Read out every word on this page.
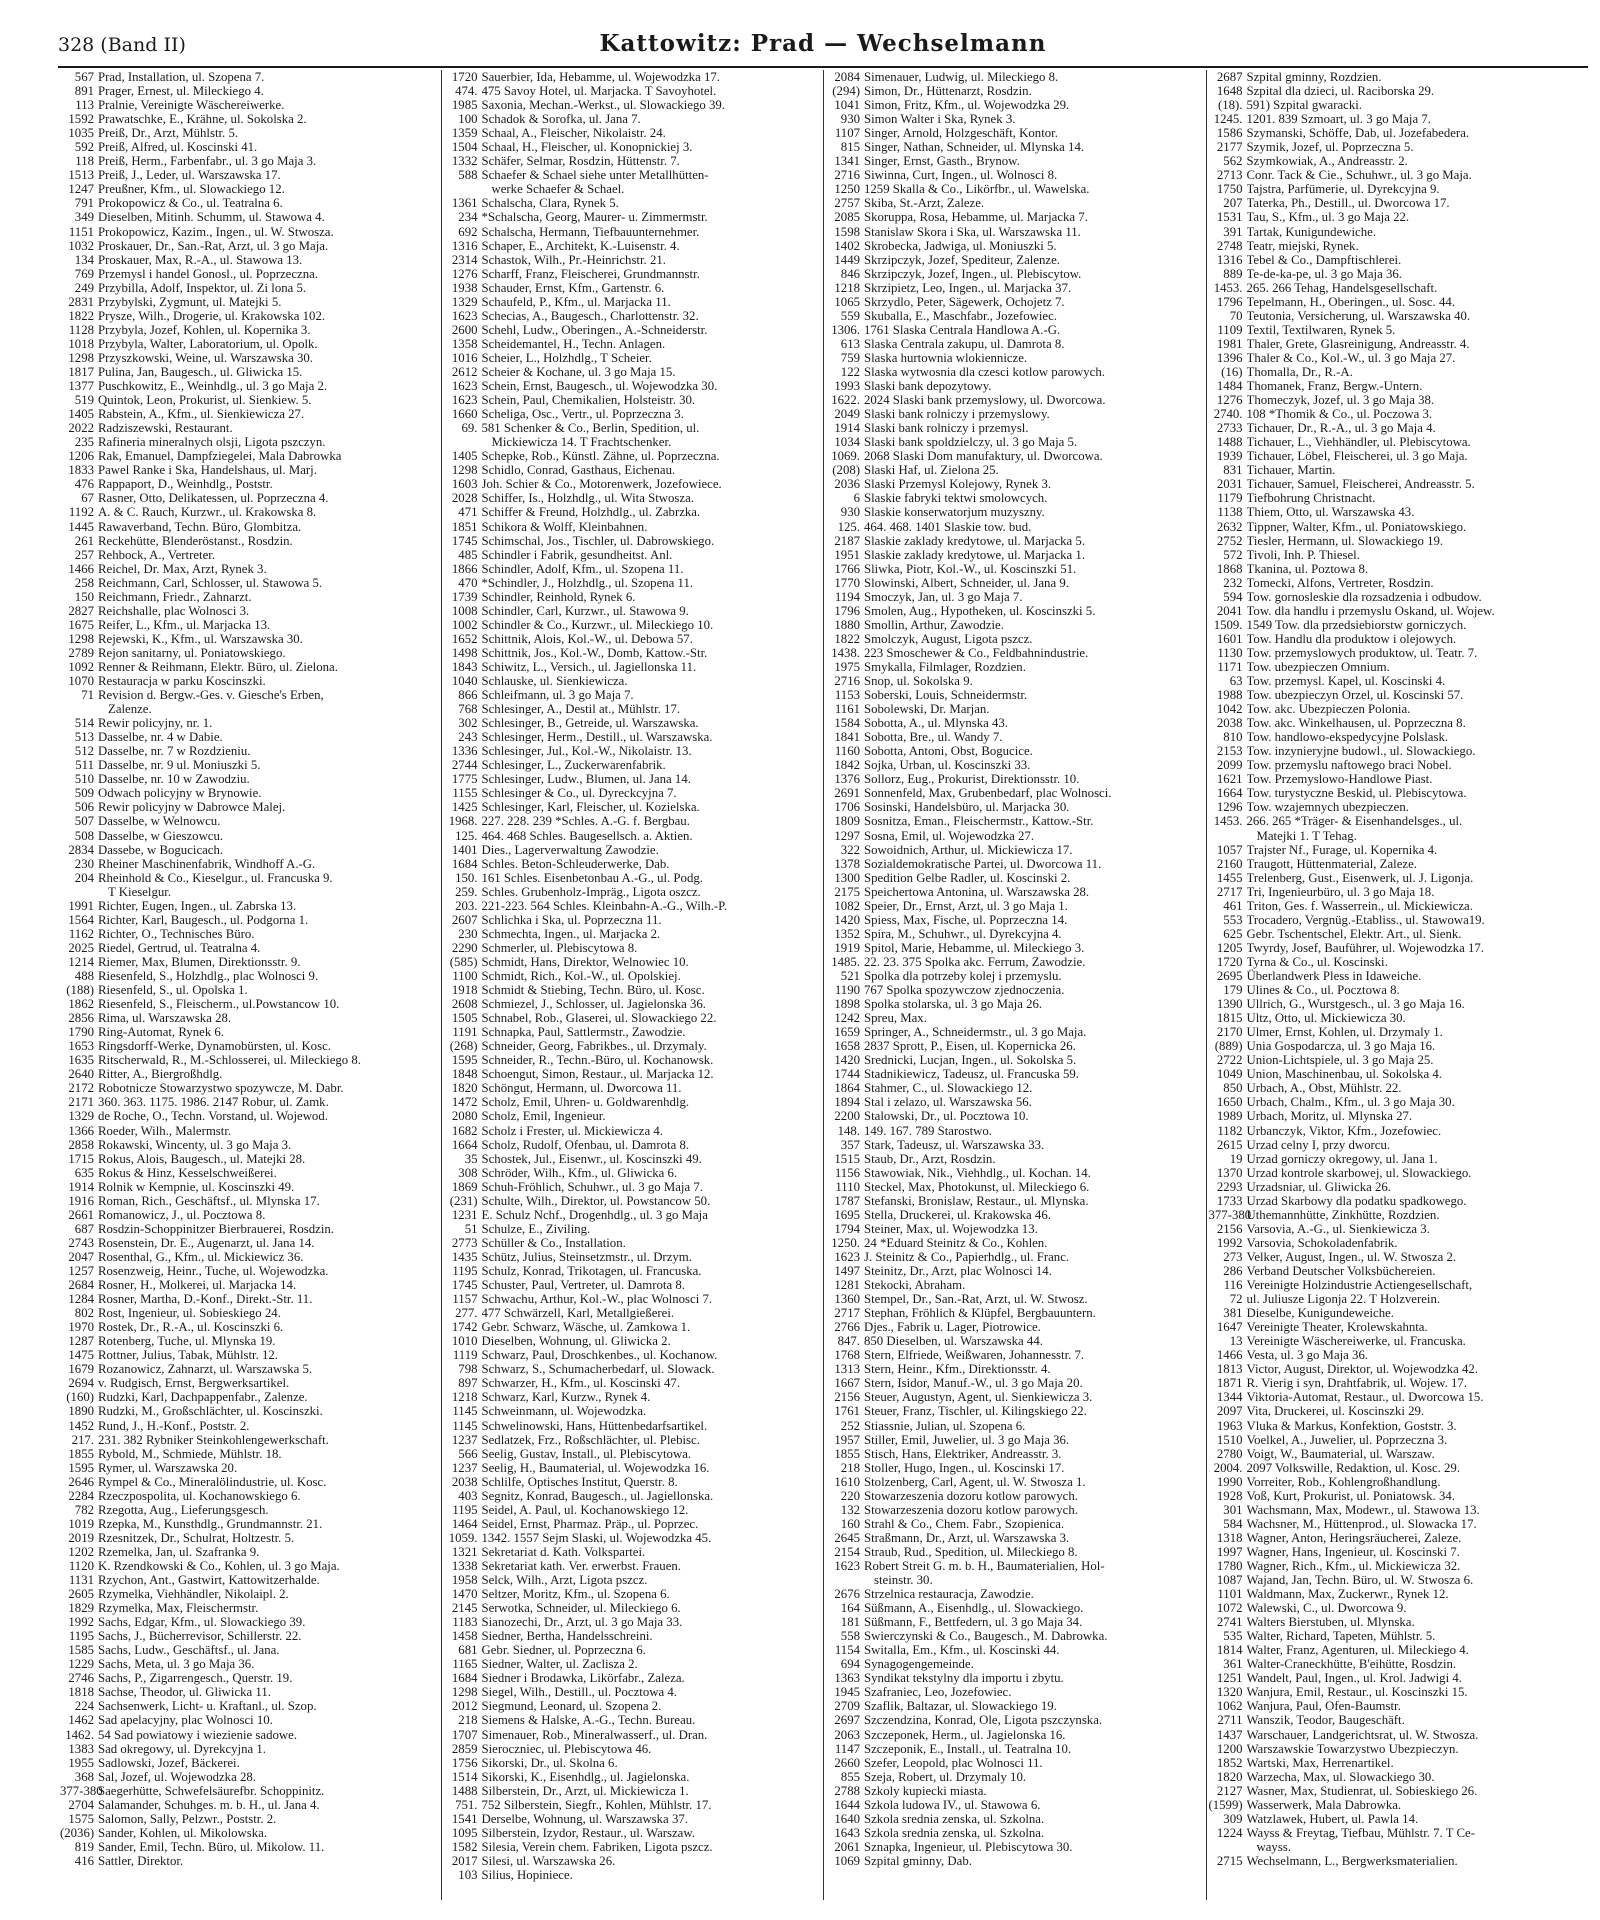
328 (Band II)	Kattowitz: Prad — Wechselmann
567 Prad, Installation, ul. Szopena 7.
891 Prager, Ernest, ul. Mileckiego 4.
113 Pralnie, Vereinigte Wäschereiwerke.
1592 Prawatschke, E., Krähne, ul. Sokolska 2.
1035 Preiß, Dr., Arzt, Mühlstr. 5.
592 Preiß, Alfred, ul. Koscinski 41.
118 Preiß, Herm., Farbenfabr., ul. 3 go Maja 3.
1513 Preiß, J., Leder, ul. Warszawska 17.
1247 Preußner, Kfm., ul. Slowackiego 12.
791 Prokopowicz & Co., ul. Teatralna 6.
349 Dieselben, Mitinh. Schumm, ul. Stawowa 4.
1151 Prokopowicz, Kazim., Ingen., ul. W. Stwosza.
1032 Proskauer, Dr., San.-Rat, Arzt, ul. 3 go Maja.
134 Proskauer, Max, R.-A., ul. Stawowa 13.
769 Przemysl i handel Gonosl., ul. Poprzeczna.
249 Przybilla, Adolf, Inspektor, ul. Zi lona 5.
2831 Przybylski, Zygmunt, ul. Matejki 5.
1822 Prysze, Wilh., Drogerie, ul. Krakowska 102.
1128 Przybyla, Jozef, Kohlen, ul. Kopernika 3.
1018 Przybyla, Walter, Laboratorium, ul. Opolk.
1298 Przyszkowski, Weine, ul. Warszawska 30.
1817 Pulina, Jan, Baugesch., ul. Gliwicka 15.
1377 Puschkowitz, E., Weinhdlg., ul. 3 go Maja 2.
519 Quintok, Leon, Prokurist, ul. Sienkiew. 5.
1405 Rabstein, A., Kfm., ul. Sienkiewicza 27.
2022 Radziszewski, Restaurant.
235 Rafineria mineralnych olsji, Ligota pszczyn.
1206 Rak, Emanuel, Dampfziegelei, Mala Dabrowka
1833 Pawel Ranke i Ska, Handelshaus, ul. Marj.
476 Rappaport, D., Weinhdlg., Poststr.
67 Rasner, Otto, Delikatessen, ul. Poprzeczna 4.
1192 A. & C. Rauch, Kurzwr., ul. Krakowska 8.
1445 Rawaverband, Techn. Büro, Glombitza.
261 Reckehütte, Blenderöstanst., Rosdzin.
257 Rehbock, A., Vertreter.
1466 Reichel, Dr. Max, Arzt, Rynek 3.
258 Reichmann, Carl, Schlosser, ul. Stawowa 5.
150 Reichmann, Friedr., Zahnarzt.
2827 Reichshalle, plac Wolnosci 3.
1675 Reifer, L., Kfm., ul. Marjacka 13.
1298 Rejewski, K., Kfm., ul. Warszawska 30.
2789 Rejon sanitarny, ul. Poniatowskiego.
1092 Renner & Reihmann, Elektr. Büro, ul. Zielona.
1070 Restauracja w parku Koscinszki.
71 Revision d. Bergw.-Ges. v. Giesche's Erben,
Zalenze.
514 Rewir policyjny, nr. 1.
513 Dasselbe, nr. 4 w Dabie.
512 Dasselbe, nr. 7 w Rozdzieniu.
511 Dasselbe, nr. 9 ul. Moniuszki 5.
510 Dasselbe, nr. 10 w Zawodziu.
509 Odwach policyjny w Brynowie.
506 Rewir policyjny w Dabrowce Malej.
507 Dasselbe, w Welnowcu.
508 Dasselbe, w Gieszowcu.
2834 Dassebe, w Bogucicach.
230 Rheiner Maschinenfabrik, Windhoff A.-G.
204 Rheinhold & Co., Kieselgur., ul. Francuska 9.
T Kieselgur.
1991 Richter, Eugen, Ingen., ul. Zabrska 13.
1564 Richter, Karl, Baugesch., ul. Podgorna 1.
1162 Richter, O., Technisches Büro.
2025 Riedel, Gertrud, ul. Teatralna 4.
1214 Riemer, Max, Blumen, Direktionsstr. 9.
488 Riesenfeld, S., Holzhdlg., plac Wolnosci 9.
(188) Riesenfeld, S., ul. Opolska 1.
1862 Riesenfeld, S., Fleischerm., ul.Powstancow 10.
2856 Rima, ul. Warszawska 28.
1790 Ring-Automat, Rynek 6.
1653 Ringsdorff-Werke, Dynamobürsten, ul. Kosc.
1635 Ritscherwald, R., M.-Schlosserei, ul. Mileckiego 8.
2640 Ritter, A., Biergroßhdlg.
2172 Robotnicze Stowarzystwo spozywcze, M. Dabr.
2171 360. 363. 1175. 1986. 2147 Robur, ul. Zamk.
1329 de Roche, O., Techn. Vorstand, ul. Wojewod.
1366 Roeder, Wilh., Malermstr.
2858 Rokawski, Wincenty, ul. 3 go Maja 3.
1715 Rokus, Alois, Baugesch., ul. Matejki 28.
635 Rokus & Hinz, Kesselschweißerei.
1914 Rolnik w Kempnie, ul. Koscinszki 49.
1916 Roman, Rich., Geschäftsf., ul. Mlynska 17.
2661 Romanowicz, J., ul. Pocztowa 8.
687 Rosdzin-Schoppinitzer Bierbrauerei, Rosdzin.
2743 Rosenstein, Dr. E., Augenarzt, ul. Jana 14.
2047 Rosenthal, G., Kfm., ul. Mickiewicz 36.
1257 Rosenzweig, Heinr., Tuche, ul. Wojewodzka.
2684 Rosner, H., Molkerei, ul. Marjacka 14.
1284 Rosner, Martha, D.-Konf., Direkt.-Str. 11.
802 Rost, Ingenieur, ul. Sobieskiego 24.
1970 Rostek, Dr., R.-A., ul. Koscinszki 6.
1287 Rotenberg, Tuche, ul. Mlynska 19.
1475 Rottner, Julius, Tabak, Mühlstr. 12.
1679 Rozanowicz, Zahnarzt, ul. Warszawska 5.
2694 v. Rudgisch, Ernst, Bergwerksartikel.
(160) Rudzki, Karl, Dachpappenfabr., Zalenze.
1890 Rudzki, M., Großschlächter, ul. Koscinszki.
1452 Rund, J., H.-Konf., Poststr. 2.
217. 231. 382 Rybniker Steinkohlengewerkschaft.
1855 Rybold, M., Schmiede, Mühlstr. 18.
1595 Rymer, ul. Warszawska 20.
2646 Rympel & Co., Mineralölindustrie, ul. Kosc.
2284 Rzeczpospolita, ul. Kochanowskiego 6.
782 Rzegotta, Aug., Lieferungsgesch.
1019 Rzepka, M., Kunsthdlg., Grundmannstr. 21.
2019 Rzesnitzek, Dr., Schulrat, Holtzestr. 5.
1202 Rzemelka, Jan, ul. Szafranka 9.
1120 K. Rzendkowski & Co., Kohlen, ul. 3 go Maja.
1131 Rzychon, Ant., Gastwirt, Kattowitzerhalde.
2605 Rzymelka, Viehhändler, Nikolaipl. 2.
1829 Rzymelka, Max, Fleischermstr.
1992 Sachs, Edgar, Kfm., ul. Slowackiego 39.
1195 Sachs, J., Bücherrevisor, Schillerstr. 22.
1585 Sachs, Ludw., Geschäftsf., ul. Jana.
1229 Sachs, Meta, ul. 3 go Maja 36.
2746 Sachs, P., Zigarrengesch., Querstr. 19.
1818 Sachse, Theodor, ul. Gliwicka 11.
224 Sachsenwerk, Licht- u. Kraftanl., ul. Szop.
1462 Sad apelacyjny, plac Wolnosci 10.
1462. 54 Sad powiatowy i wiezienie sadowe.
1383 Sad okregowy, ul. Dyrekcyjna 1.
1955 Sadlowski, Jozef, Bäckerei.
368 Sal, Jozef, ul. Wojewodzka 28.
377-380
Saegerhütte, Schwefelsäurefbr. Schoppinitz.
2704 Salamander, Schuhges. m. b. H., ul. Jana 4.
1575 Salomon, Sally, Pelzwr., Poststr. 2.
(2036) Sander, Kohlen, ul. Mikolowska.
819 Sander, Emil, Techn. Büro, ul. Mikolow. 11.
416 Sattler, Direktor.
1720 Sauerbier, Ida, Hebamme, ul. Wojewodzka 17.
474. 475 Savoy Hotel, ul. Marjacka. T Savoyhotel.
1985 Saxonia, Mechan.-Werkst., ul. Slowackiego 39.
100 Schadok & Sorofka, ul. Jana 7.
1359 Schaal, A., Fleischer, Nikolaistr. 24.
1504 Schaal, H., Fleischer, ul. Konopnickiej 3.
1332 Schäfer, Selmar, Rosdzin, Hüttenstr. 7.
588 Schaefer & Schael siehe unter Metallhütten-
werke Schaefer & Schael.
1361 Schalscha, Clara, Rynek 5.
234 *Schalscha, Georg, Maurer- u. Zimmermstr.
692 Schalscha, Hermann, Tiefbauunternehmer.
1316 Schaper, E., Architekt, K.-Luisenstr. 4.
2314 Schastok, Wilh., Pr.-Heinrichstr. 21.
1276 Scharff, Franz, Fleischerei, Grundmannstr.
1938 Schauder, Ernst, Kfm., Gartenstr. 6.
1329 Schaufeld, P., Kfm., ul. Marjacka 11.
1623 Schecias, A., Baugesch., Charlottenstr. 32.
2600 Schehl, Ludw., Oberingen., A.-Schneiderstr.
1358 Scheidemantel, H., Techn. Anlagen.
1016 Scheier, L., Holzhdlg., T Scheier.
2612 Scheier & Kochane, ul. 3 go Maja 15.
1623 Schein, Ernst, Baugesch., ul. Wojewodzka 30.
1623 Schein, Paul, Chemikalien, Holsteistr. 30.
1660 Scheliga, Osc., Vertr., ul. Poprzeczna 3.
69. 581 Schenker & Co., Berlin, Spedition, ul.
Mickiewicza 14. T Frachtschenker.
1405 Schepke, Rob., Künstl. Zähne, ul. Poprzeczna.
1298 Schidlo, Conrad, Gasthaus, Eichenau.
1603 Joh. Schier & Co., Motorenwerk, Jozefowiece.
2028 Schiffer, Is., Holzhdlg., ul. Wita Stwosza.
471 Schiffer & Freund, Holzhdlg., ul. Zabrzka.
1851 Schikora & Wolff, Kleinbahnen.
1745 Schimschal, Jos., Tischler, ul. Dabrowskiego.
485 Schindler i Fabrik, gesundheitst. Anl.
1866 Schindler, Adolf, Kfm., ul. Szopena 11.
470 *Schindler, J., Holzhdlg., ul. Szopena 11.
1739 Schindler, Reinhold, Rynek 6.
1008 Schindler, Carl, Kurzwr., ul. Stawowa 9.
1002 Schindler & Co., Kurzwr., ul. Mileckiego 10.
1652 Schittnik, Alois, Kol.-W., ul. Debowa 57.
1498 Schittnik, Jos., Kol.-W., Domb, Kattow.-Str.
1843 Schiwitz, L., Versich., ul. Jagiellonska 11.
1040 Schlauske, ul. Sienkiewicza.
866 Schleifmann, ul. 3 go Maja 7.
768 Schlesinger, A., Destil at., Mühlstr. 17.
302 Schlesinger, B., Getreide, ul. Warszawska.
243 Schlesinger, Herm., Destill., ul. Warszawska.
1336 Schlesinger, Jul., Kol.-W., Nikolaistr. 13.
2744 Schlesinger, L., Zuckerwarenfabrik.
1775 Schlesinger, Ludw., Blumen, ul. Jana 14.
1155 Schlesinger & Co., ul. Dyreckcyjna 7.
1425 Schlesinger, Karl, Fleischer, ul. Kozielska.
1968. 227. 228. 239 *Schles. A.-G. f. Bergbau.
125. 464. 468 Schles. Baugesellsch. a. Aktien.
1401 Dies., Lagerverwaltung Zawodzie.
1684 Schles. Beton-Schleuderwerke, Dab.
150. 161 Schles. Eisenbetonbau A.-G., ul. Podg.
259. Schles. Grubenholz-Impräg., Ligota oszcz.
203. 221-223. 564 Schles. Kleinbahn-A.-G., Wilh.-P.
2607 Schlichka i Ska, ul. Poprzeczna 11.
230 Schmechta, Ingen., ul. Marjacka 2.
2290 Schmerler, ul. Plebiscytowa 8.
(585) Schmidt, Hans, Direktor, Welnowiec 10.
1100 Schmidt, Rich., Kol.-W., ul. Opolskiej.
1918 Schmidt & Stiebing, Techn. Büro, ul. Kosc.
2608 Schmiezel, J., Schlosser, ul. Jagielonska 36.
1505 Schnabel, Rob., Glaserei, ul. Slowackiego 22.
1191 Schnapka, Paul, Sattlermstr., Zawodzie.
(268) Schneider, Georg, Fabrikbes., ul. Drzymaly.
1595 Schneider, R., Techn.-Büro, ul. Kochanowsk.
1848 Schoengut, Simon, Restaur., ul. Marjacka 12.
1820 Schöngut, Hermann, ul. Dworcowa 11.
1472 Scholz, Emil, Uhren- u. Goldwarenhdlg.
2080 Scholz, Emil, Ingenieur.
1682 Scholz i Frester, ul. Mickiewicza 4.
1664 Scholz, Rudolf, Ofenbau, ul. Damrota 8.
35 Schostek, Jul., Eisenwr., ul. Koscinszki 49.
308 Schröder, Wilh., Kfm., ul. Gliwicka 6.
1869 Schuh-Fröhlich, Schuhwr., ul. 3 go Maja 7.
(231) Schulte, Wilh., Direktor, ul. Powstancow 50.
1231 E. Schulz Nchf., Drogenhdlg., ul. 3 go Maja
51 Schulze, E., Ziviling.
2773 Schüller & Co., Installation.
1435 Schütz, Julius, Steinsetzmstr., ul. Drzym.
1195 Schulz, Konrad, Trikotagen, ul. Francuska.
1745 Schuster, Paul, Vertreter, ul. Damrota 8.
1157 Schwachu, Arthur, Kol.-W., plac Wolnosci 7.
277. 477 Schwärzell, Karl, Metallgießerei.
1742 Gebr. Schwarz, Wäsche, ul. Zamkowa 1.
1010 Dieselben, Wohnung, ul. Gliwicka 2.
1119 Schwarz, Paul, Droschkenbes., ul. Kochanow.
798 Schwarz, S., Schumacherbedarf, ul. Slowack.
897 Schwarzer, H., Kfm., ul. Koscinski 47.
1218 Schwarz, Karl, Kurzw., Rynek 4.
1145 Schweinmann, ul. Wojewodzka.
1145 Schwelinowski, Hans, Hüttenbedarfsartikel.
1237 Sedlatzek, Frz., Roßschlächter, ul. Plebisc.
566 Seelig, Gustav, Install., ul. Plebiscytowa.
1237 Seelig, H., Baumaterial, ul. Wojewodzka 16.
2038 Schlilfe, Optisches Institut, Querstr. 8.
403 Segnitz, Konrad, Baugesch., ul. Jagiellonska.
1195 Seidel, A. Paul, ul. Kochanowskiego 12.
1464 Seidel, Ernst, Pharmaz. Präp., ul. Poprzec.
1059. 1342. 1557 Sejm Slaski, ul. Wojewodzka 45.
1321 Sekretariat d. Kath. Volkspartei.
1338 Sekretariat kath. Ver. erwerbst. Frauen.
1958 Selck, Wilh., Arzt, Ligota pszcz.
1470 Seltzer, Moritz, Kfm., ul. Szopena 6.
2145 Serwotka, Schneider, ul. Mileckiego 6.
1183 Sianozechi, Dr., Arzt, ul. 3 go Maja 33.
1458 Siedner, Bertha, Handelsschreini.
681 Gebr. Siedner, ul. Poprzeczna 6.
1165 Siedner, Walter, ul. Zaclisza 2.
1684 Siedner i Brodawka, Likörfabr., Zaleza.
1298 Siegel, Wilh., Destill., ul. Pocztowa 4.
2012 Siegmund, Leonard, ul. Szopena 2.
218 Siemens & Halske, A.-G., Techn. Bureau.
1707 Simenauer, Rob., Mineralwasserf., ul. Dran.
2859 Sieroczniec, ul. Plebiscytowa 46.
1756 Sikorski, Dr., ul. Skolna 6.
1514 Sikorski, K., Eisenhdlg., ul. Jagielonska.
1488 Silberstein, Dr., Arzt, ul. Mickiewicza 1.
751. 752 Silberstein, Siegfr., Kohlen, Mühlstr. 17.
1541 Derselbe, Wohnung, ul. Warszawska 37.
1095 Silberstein, Izydor, Restaur., ul. Warszaw.
1582 Silesia, Verein chem. Fabriken, Ligota pszcz.
2017 Silesi, ul. Warszawska 26.
103 Silius, Hopiniece.
2084 Simenauer, Ludwig, ul. Mileckiego 8.
(294) Simon, Dr., Hüttenarzt, Rosdzin.
1041 Simon, Fritz, Kfm., ul. Wojewodzka 29.
930 Simon Walter i Ska, Rynek 3.
1107 Singer, Arnold, Holzgeschäft, Kontor.
815 Singer, Nathan, Schneider, ul. Mlynska 14.
1341 Singer, Ernst, Gasth., Brynow.
2716 Siwinna, Curt, Ingen., ul. Wolnosci 8.
1250 1259 Skalla & Co., Likörfbr., ul. Wawelska.
2757 Skiba, St.-Arzt, Zaleze.
2085 Skoruppa, Rosa, Hebamme, ul. Marjacka 7.
1598 Stanislaw Skora i Ska, ul. Warszawska 11.
1402 Skrobecka, Jadwiga, ul. Moniuszki 5.
1449 Skrzipczyk, Jozef, Spediteur, Zalenze.
846 Skrzipczyk, Jozef, Ingen., ul. Plebiscytow.
1218 Skrzipietz, Leo, Ingen., ul. Marjacka 37.
1065 Skrzydlo, Peter, Sägewerk, Ochojetz 7.
559 Skuballa, E., Maschfabr., Jozefowiec.
1306. 1761 Slaska Centrala Handlowa A.-G.
613 Slaska Centrala zakupu, ul. Damrota 8.
759 Slaska hurtownia wlokiennicze.
122 Slaska wytwosnia dla czesci kotlow parowych.
1993 Slaski bank depozytowy.
1622. 2024 Slaski bank przemyslowy, ul. Dworcowa.
2049 Slaski bank rolniczy i przemyslowy.
1914 Slaski bank rolniczy i przemysl.
1034 Slaski bank spoldzielczy, ul. 3 go Maja 5.
1069. 2068 Slaski Dom manufaktury, ul. Dworcowa.
(208) Slaski Haf, ul. Zielona 25.
2036 Slaski Przemysl Kolejowy, Rynek 3.
6 Slaskie fabryki tektwi smolowcych.
930 Slaskie konserwatorjum muzyszny.
125. 464. 468. 1401 Slaskie tow. bud.
2187 Slaskie zaklady kredytowe, ul. Marjacka 5.
1951 Slaskie zaklady kredytowe, ul. Marjacka 1.
1766 Sliwka, Piotr, Kol.-W., ul. Koscinszki 51.
1770 Slowinski, Albert, Schneider, ul. Jana 9.
1194 Smoczyk, Jan, ul. 3 go Maja 7.
1796 Smolen, Aug., Hypotheken, ul. Koscinszki 5.
1880 Smollin, Arthur, Zawodzie.
1822 Smolczyk, August, Ligota pszcz.
1438. 223 Smoschewer & Co., Feldbahnindustrie.
1975 Smykalla, Filmlager, Rozdzien.
2716 Snop, ul. Sokolska 9.
1153 Soberski, Louis, Schneidermstr.
1161 Sobolewski, Dr. Marjan.
1584 Sobotta, A., ul. Mlynska 43.
1841 Sobotta, Bre., ul. Wandy 7.
1160 Sobotta, Antoni, Obst, Bogucice.
1842 Sojka, Urban, ul. Koscinszki 33.
1376 Sollorz, Eug., Prokurist, Direktionsstr. 10.
2691 Sonnenfeld, Max, Grubenbedarf, plac Wolnosci.
1706 Sosinski, Handelsbüro, ul. Marjacka 30.
1809 Sosnitza, Eman., Fleischermstr., Kattow.-Str.
1297 Sosna, Emil, ul. Wojewodzka 27.
322 Sowoidnich, Arthur, ul. Mickiewicza 17.
1378 Sozialdemokratische Partei, ul. Dworcowa 11.
1300 Spedition Gelbe Radler, ul. Koscinski 2.
2175 Speichertowa Antonina, ul. Warszawska 28.
1082 Speier, Dr., Ernst, Arzt, ul. 3 go Maja 1.
1420 Spiess, Max, Fische, ul. Poprzeczna 14.
1352 Spira, M., Schuhwr., ul. Dyrekcyjna 4.
1919 Spitol, Marie, Hebamme, ul. Mileckiego 3.
1485. 22. 23. 375 Spolka akc. Ferrum, Zawodzie.
521 Spolka dla potrzeby kolej i przemyslu.
1190 767 Spolka spozywczow zjednoczenia.
1898 Spolka stolarska, ul. 3 go Maja 26.
1242 Spreu, Max.
1659 Springer, A., Schneidermstr., ul. 3 go Maja.
1658 2837 Sprott, P., Eisen, ul. Kopernicka 26.
1420 Srednicki, Lucjan, Ingen., ul. Sokolska 5.
1744 Stadnikiewicz, Tadeusz, ul. Francuska 59.
1864 Stahmer, C., ul. Slowackiego 12.
1894 Stal i zelazo, ul. Warszawska 56.
2200 Stalowski, Dr., ul. Pocztowa 10.
148. 149. 167. 789 Starostwo.
357 Stark, Tadeusz, ul. Warszawska 33.
1515 Staub, Dr., Arzt, Rosdzin.
1156 Stawowiak, Nik., Viehhdlg., ul. Kochan. 14.
1110 Steckel, Max, Photokunst, ul. Mileckiego 6.
1787 Stefanski, Bronislaw, Restaur., ul. Mlynska.
1695 Stella, Druckerei, ul. Krakowska 46.
1794 Steiner, Max, ul. Wojewodzka 13.
1250. 24 *Eduard Steinitz & Co., Kohlen.
1623 J. Steinitz & Co., Papierhdlg., ul. Franc.
1497 Steinitz, Dr., Arzt, plac Wolnosci 14.
1281 Stekocki, Abraham.
1360 Stempel, Dr., San.-Rat, Arzt, ul. W. Stwosz.
2717 Stephan, Fröhlich & Klüpfel, Bergbauuntern.
2766 Djes., Fabrik u. Lager, Piotrowice.
847. 850 Dieselben, ul. Warszawska 44.
1768 Stern, Elfriede, Weißwaren, Johannesstr. 7.
1313 Stern, Heinr., Kfm., Direktionsstr. 4.
1667 Stern, Isidor, Manuf.-W., ul. 3 go Maja 20.
2156 Steuer, Augustyn, Agent, ul. Sienkiewicza 3.
1761 Steuer, Franz, Tischler, ul. Kilingskiego 22.
252 Stiassnie, Julian, ul. Szopena 6.
1957 Stiller, Emil, Juwelier, ul. 3 go Maja 36.
1855 Stisch, Hans, Elektriker, Andreasstr. 3.
218 Stoller, Hugo, Ingen., ul. Koscinski 17.
1610 Stolzenberg, Carl, Agent, ul. W. Stwosza 1.
220 Stowarzeszenia dozoru kotlow parowych.
132 Stowarzeszenia dozoru kotlow parowych.
160 Strahl & Co., Chem. Fabr., Szopienica.
2645 Straßmann, Dr., Arzt, ul. Warszawska 3.
2154 Straub, Rud., Spedition, ul. Mileckiego 8.
1623 Robert Streit G. m. b. H., Baumaterialien, Hol-
steinstr. 30.
2676 Strzelnica restauracja, Zawodzie.
164 Süßmann, A., Eisenhdlg., ul. Slowackiego.
181 Süßmann, F., Bettfedern, ul. 3 go Maja 34.
558 Swierczynski & Co., Baugesch., M. Dabrowka.
1154 Switalla, Em., Kfm., ul. Koscinski 44.
694 Synagogengemeinde.
1363 Syndikat tekstylny dla importu i zbytu.
1945 Szafraniec, Leo, Jozefowiec.
2709 Szaflik, Baltazar, ul. Slowackiego 19.
2697 Szczendzina, Konrad, Ole, Ligota pszczynska.
2063 Szczeponek, Herm., ul. Jagielonska 16.
1147 Szczeponik, E., Install., ul. Teatralna 10.
2660 Szefer, Leopold, plac Wolnosci 11.
855 Szeja, Robert, ul. Drzymaly 10.
2788 Szkoly kupiecki miasta.
1644 Szkola ludowa IV., ul. Stawowa 6.
1640 Szkola srednia zenska, ul. Szkolna.
1643 Szkola srednia zenska, ul. Szkolna.
2061 Sznapka, Ingenieur, ul. Plebiscytowa 30.
1069 Szpital gminny, Dab.
2687 Szpital gminny, Rozdzien.
1648 Szpital dla dzieci, ul. Raciborska 29.
(18). 591) Szpital gwaracki.
1245. 1201. 839 Szmoart, ul. 3 go Maja 7.
1586 Szymanski, Schöffe, Dab, ul. Jozefabedera.
2177 Szymik, Jozef, ul. Poprzeczna 5.
562 Szymkowiak, A., Andreasstr. 2.
2713 Conr. Tack & Cie., Schuhwr., ul. 3 go Maja.
1750 Tajstra, Parfümerie, ul. Dyrekcyjna 9.
207 Taterka, Ph., Destill., ul. Dworcowa 17.
1531 Tau, S., Kfm., ul. 3 go Maja 22.
391 Tartak, Kunigundewiche.
2748 Teatr, miejski, Rynek.
1316 Tebel & Co., Dampftischlerei.
889 Te-de-ka-pe, ul. 3 go Maja 36.
1453. 265. 266 Tehag, Handelsgesellschaft.
1796 Tepelmann, H., Oberingen., ul. Sosc. 44.
70 Teutonia, Versicherung, ul. Warszawska 40.
1109 Textil, Textilwaren, Rynek 5.
1981 Thaler, Grete, Glasreinigung, Andreasstr. 4.
1396 Thaler & Co., Kol.-W., ul. 3 go Maja 27.
(16) Thomalla, Dr., R.-A.
1484 Thomanek, Franz, Bergw.-Untern.
1276 Thomeczyk, Jozef, ul. 3 go Maja 38.
2740. 108 *Thomik & Co., ul. Poczowa 3.
2733 Tichauer, Dr., R.-A., ul. 3 go Maja 4.
1488 Tichauer, L., Viehhändler, ul. Plebiscytowa.
1939 Tichauer, Löbel, Fleischerei, ul. 3 go Maja.
831 Tichauer, Martin.
2031 Tichauer, Samuel, Fleischerei, Andreasstr. 5.
1179 Tiefbohrung Christnacht.
1138 Thiem, Otto, ul. Warszawska 43.
2632 Tippner, Walter, Kfm., ul. Poniatowskiego.
2752 Tiesler, Hermann, ul. Slowackiego 19.
572 Tivoli, Inh. P. Thiesel.
1868 Tkanina, ul. Poztowa 8.
232 Tomecki, Alfons, Vertreter, Rosdzin.
594 Tow. gornosleskie dla rozsadzenia i odbudow.
2041 Tow. dla handlu i przemyslu Oskand, ul. Wojew.
1509. 1549 Tow. dla przedsiebiorstw gorniczych.
1601 Tow. Handlu dla produktow i olejowych.
1130 Tow. przemyslowych produktow, ul. Teatr. 7.
1171 Tow. ubezpieczen Omnium.
63 Tow. przemysl. Kapel, ul. Koscinski 4.
1988 Tow. ubezpieczyn Orzel, ul. Koscinski 57.
1042 Tow. akc. Ubezpieczen Polonia.
2038 Tow. akc. Winkelhausen, ul. Poprzeczna 8.
810 Tow. handlowo-ekspedycyjne Polslask.
2153 Tow. inzynieryjne budowl., ul. Slowackiego.
2099 Tow. przemyslu naftowego braci Nobel.
1621 Tow. Przemyslowo-Handlowe Piast.
1664 Tow. turystyczne Beskid, ul. Plebiscytowa.
1296 Tow. wzajemnych ubezpieczen.
1453. 266. 265 *Träger- & Eisenhandelsges., ul.
Matejki 1. T Tehag.
1057 Trajster Nf., Furage, ul. Kopernika 4.
2160 Traugott, Hüttenmaterial, Zaleze.
1455 Trelenberg, Gust., Eisenwerk, ul. J. Ligonja.
2717 Tri, Ingenieurbüro, ul. 3 go Maja 18.
461 Triton, Ges. f. Wasserrein., ul. Mickiewicza.
553 Trocadero, Vergnüg.-Etabliss., ul. Stawowa19.
625 Gebr. Tschentschel, Elektr. Art., ul. Sienk.
1205 Twyrdy, Josef, Bauführer, ul. Wojewodzka 17.
1720 Tyrna & Co., ul. Koscinski.
2695 Überlandwerk Pless in Idaweiche.
179 Ulines & Co., ul. Pocztowa 8.
1390 Ullrich, G., Wurstgesch., ul. 3 go Maja 16.
1815 Ultz, Otto, ul. Mickiewicza 30.
2170 Ulmer, Ernst, Kohlen, ul. Drzymaly 1.
(889) Unia Gospodarcza, ul. 3 go Maja 16.
2722 Union-Lichtspiele, ul. 3 go Maja 25.
1049 Union, Maschinenbau, ul. Sokolska 4.
850 Urbach, A., Obst, Mühlstr. 22.
1650 Urbach, Chalm., Kfm., ul. 3 go Maja 30.
1989 Urbach, Moritz, ul. Mlynska 27.
1182 Urbanczyk, Viktor, Kfm., Jozefowiec.
2615 Urzad celny I, przy dworcu.
19 Urzad gorniczy okregowy, ul. Jana 1.
1370 Urzad kontrole skarbowej, ul. Slowackiego.
2293 Urzadsniar, ul. Gliwicka 26.
1733 Urzad Skarbowy dla podatku spadkowego.
377-380
Uthemannhütte, Zinkhütte, Rozdzien.
2156 Varsovia, A.-G., ul. Sienkiewicza 3.
1992 Varsovia, Schokoladenfabrik.
273 Velker, August, Ingen., ul. W. Stwosza 2.
286 Verband Deutscher Volksbüchereien.
116 Vereinigte Holzindustrie Actiengesellschaft,
72 ul. Juliusze Ligonja 22. T Holzverein.
381 Dieselbe, Kunigundeweiche.
1647 Vereinigte Theater, Krolewskahnta.
13 Vereinigte Wäschereiwerke, ul. Francuska.
1466 Vesta, ul. 3 go Maja 36.
1813 Victor, August, Direktor, ul. Wojewodzka 42.
1871 R. Vierig i syn, Drahtfabrik, ul. Wojew. 17.
1344 Viktoria-Automat, Restaur., ul. Dworcowa 15.
2097 Vita, Druckerei, ul. Koscinszki 29.
1963 Vluka & Markus, Konfektion, Goststr. 3.
1510 Voelkel, A., Juwelier, ul. Poprzeczna 3.
2780 Voigt, W., Baumaterial, ul. Warszaw.
2004. 2097 Volkswille, Redaktion, ul. Kosc. 29.
1990 Vorreiter, Rob., Kohlengroßhandlung.
1928 Voß, Kurt, Prokurist, ul. Poniatowsk. 34.
301 Wachsmann, Max, Modewr., ul. Stawowa 13.
584 Wachsner, M., Hüttenprod., ul. Slowacka 17.
1318 Wagner, Anton, Heringsräucherei, Zaleze.
1997 Wagner, Hans, Ingenieur, ul. Koscinski 7.
1780 Wagner, Rich., Kfm., ul. Mickiewicza 32.
1087 Wajand, Jan, Techn. Büro, ul. W. Stwosza 6.
1101 Waldmann, Max, Zuckerwr., Rynek 12.
1072 Walewski, C., ul. Dworcowa 9.
2741 Walters Bierstuben, ul. Mlynska.
535 Walter, Richard, Tapeten, Mühlstr. 5.
1814 Walter, Franz, Agenturen, ul. Mileckiego 4.
361 Walter-Craneckhütte, B'eihütte, Rosdzin.
1251 Wandelt, Paul, Ingen., ul. Krol. Jadwigi 4.
1320 Wanjura, Emil, Restaur., ul. Koscinszki 15.
1062 Wanjura, Paul, Ofen-Baumstr.
2711 Wanszik, Teodor, Baugeschäft.
1437 Warschauer, Landgerichtsrat, ul. W. Stwosza.
1200 Warszawskie Towarzystwo Ubezpieczyn.
1852 Wartski, Max, Herrenartikel.
1820 Warzecha, Max, ul. Slowackiego 30.
2127 Wasner, Max, Studienrat, ul. Sobieskiego 26.
(1599) Wasserwerk, Mala Dabrowka.
309 Watzlawek, Hubert, ul. Pawla 14.
1224 Wayss & Freytag, Tiefbau, Mühlstr. 7. T Ce-
wayss.
2715 Wechselmann, L., Bergwerksmaterialien.
